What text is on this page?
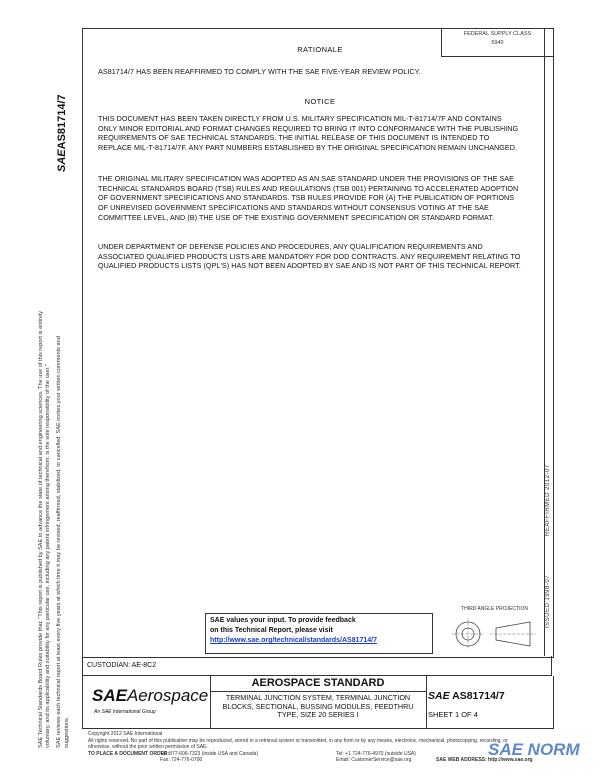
FEDERAL SUPPLY CLASS
5940
RATIONALE
AS81714/7 HAS BEEN REAFFIRMED TO COMPLY WITH THE SAE FIVE-YEAR REVIEW POLICY.
NOTICE
THIS DOCUMENT HAS BEEN TAKEN DIRECTLY FROM U.S. MILITARY SPECIFICATION MIL-T-81714/7F AND CONTAINS ONLY MINOR EDITORIAL AND FORMAT CHANGES REQUIRED TO BRING IT INTO CONFORMANCE WITH THE PUBLISHING REQUIREMENTS OF SAE TECHNICAL STANDARDS. THE INITIAL RELEASE OF THIS DOCUMENT IS INTENDED TO REPLACE MIL-T-81714/7F. ANY PART NUMBERS ESTABLISHED BY THE ORIGINAL SPECIFICATION REMAIN UNCHANGED.
THE ORIGINAL MILITARY SPECIFICATION WAS ADOPTED AS AN SAE STANDARD UNDER THE PROVISIONS OF THE SAE TECHNICAL STANDARDS BOARD (TSB) RULES AND REGULATIONS (TSB 001) PERTAINING TO ACCELERATED ADOPTION OF GOVERNMENT SPECIFICATIONS AND STANDARDS. TSB RULES PROVIDE FOR (A) THE PUBLICATION OF PORTIONS OF UNREVISED GOVERNMENT SPECIFICATIONS AND STANDARDS WITHOUT CONSENSUS VOTING AT THE SAE COMMITTEE LEVEL, AND (B) THE USE OF THE EXISTING GOVERNMENT SPECIFICATION OR STANDARD FORMAT.
UNDER DEPARTMENT OF DEFENSE POLICIES AND PROCEDURES, ANY QUALIFICATION REQUIREMENTS AND ASSOCIATED QUALIFIED PRODUCTS LISTS ARE MANDATORY FOR DOD CONTRACTS. ANY REQUIREMENT RELATING TO QUALIFIED PRODUCTS LISTS (QPL'S) HAS NOT BEEN ADOPTED BY SAE AND IS NOT PART OF THIS TECHNICAL REPORT.
SAEAS81714/7
SAE Technical Standards Board Rules provide that: "This report is published by SAE to advance the state of technical and engineering sciences. The use of this report is entirely voluntary, and its applicability and suitability for any particular use, including any patent infringement arising therefrom, is the sole responsibility of the user." SAE reviews each technical report at least every five years at which time it may be revised, reaffirmed, stabilized, or cancelled. SAE invites your written comments and suggestions.
ISSUED 1998-07
REAFFIRMED 2012-07
SAE values your input. To provide feedback
on this Technical Report, please visit
http://www.sae.org/technical/standards/AS81714/7
THIRD ANGLE PROJECTION
CUSTODIAN: AE-8C2
SAEAerospace
An SAE International Group
AEROSPACE STANDARD
TERMINAL JUNCTION SYSTEM, TERMINAL JUNCTION BLOCKS, SECTIONAL, BUSSING MODULES, FEEDTHRU TYPE, SIZE 20 SERIES I
SAE AS81714/7
SHEET 1 OF 4
Copyright 2012 SAE International
All rights reserved. No part of this publication may be reproduced, stored in a retrieval system or transmitted, in any form or by any means, electronic, mechanical, photocopying, recording, or otherwise, without the prior written permission of SAE.
TO PLACE A DOCUMENT ORDER:
Tel: 877-606-7323 (inside USA and Canada)
Fax: 724-776-0790
Tel: +1 724-776-4970 (outside USA)
Email: CustomerService@sae.org	SAE WEB ADDRESS: http://www.sae.org
SAE NORM
